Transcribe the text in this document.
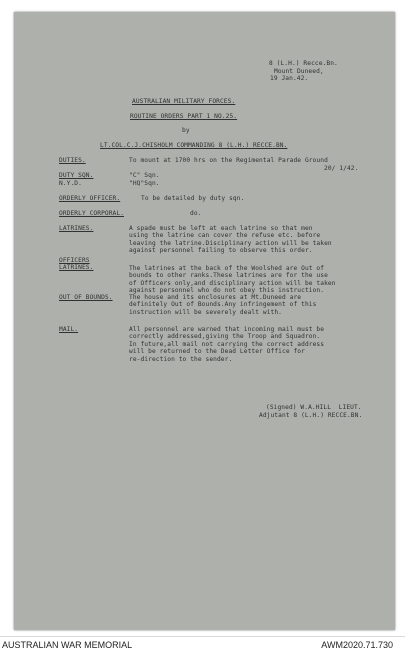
8 (L.H.) Recce.Bn.
Mount Duneed,
19 Jan.42.
AUSTRALIAN MILITARY FORCES.
ROUTINE ORDERS PART 1 NO.25.
by
LT.COL.C.J.CHISHOLM COMMANDING 8 (L.H.) RECCE.BN.
DUTIES.	To mount at 1700 hrs on the Regimental Parade Ground
20/ 1/42.
DUTY SQN.	"C" Sqn.
N.Y.D.	"HQ"Sqn.
ORDERLY OFFICER.	To be detailed by duty sqn.
ORDERLY CORPORAL.	do.
LATRINES.	A spade must be left at each latrine so that men
using the latrine can cover the refuse etc. before
leaving the latrine.Disciplinary action will be taken
against personnel failing to observe this order.
OFFICERS
LATRINES.	The latrines at the back of the Woolshed are Out of
bounds to other ranks.These latrines are for the use
of Officers only,and disciplinary action will be taken
against personnel who do not obey this instruction.
OUT OF BOUNDS.	The house and its enclosures at Mt.Duneed are
definitely Out of Bounds.Any infringement of this
instruction will be severely dealt with.
MAIL.	All personnel are warned that incoming mail must be
correctly addressed,giving the Troop and Squadron.
In future,all mail not carrying the correct address
will be returned to the Dead Letter Office for
re-direction to the sender.
(Signed) W.A.HILL  LIEUT.
Adjutant 8 (L.H.) RECCE.BN.
AUSTRALIAN WAR MEMORIAL	AWM2020.71.730
